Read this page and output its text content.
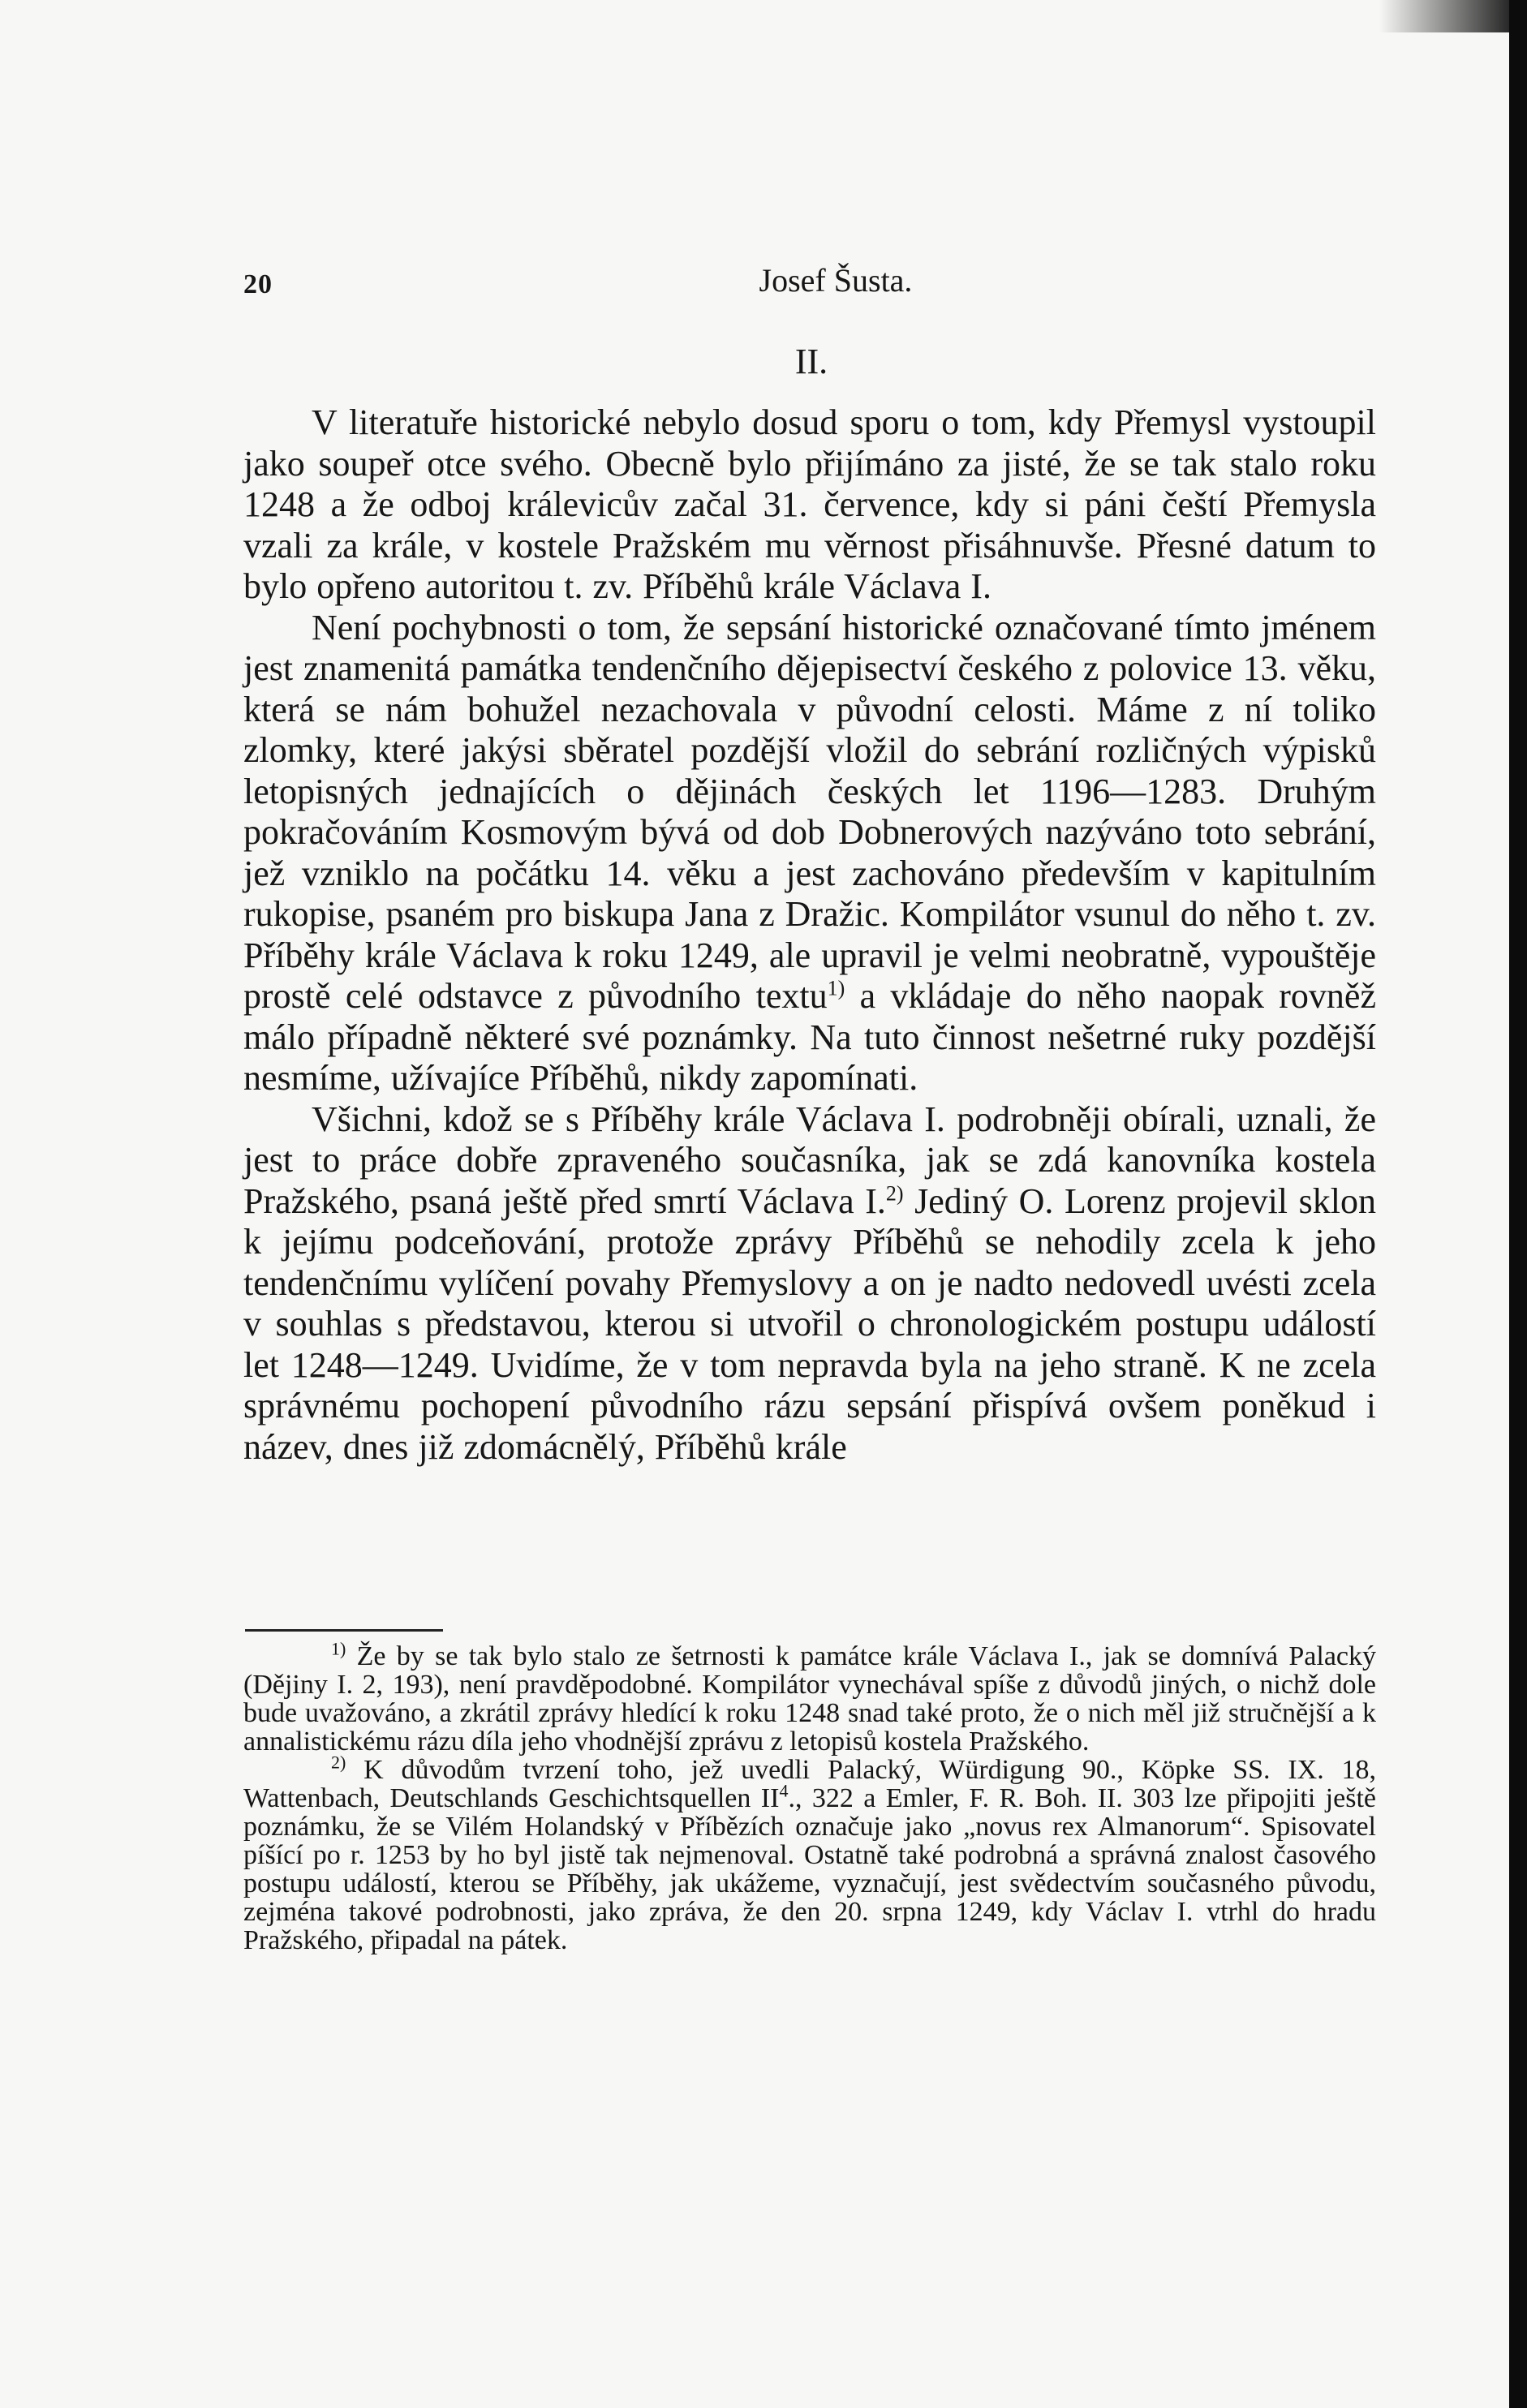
20	Josef Šusta.
II.

V literatuře historické nebylo dosud sporu o tom, kdy Přemysl vystoupil jako soupeř otce svého. Obecně bylo přijímáno za jisté, že se tak stalo roku 1248 a že odboj králevicův začal 31. července, kdy si páni čeští Přemysla vzali za krále, v kostele Pražském mu věrnost přisáhnuvše. Přesné datum to bylo opřeno autoritou t. zv. Příběhů krále Václava I.

Není pochybnosti o tom, že sepsání historické označované tímto jménem jest znamenitá památka tendenčního dějepisectví českého z polovice 13. věku, která se nám bohužel nezachovala v původní celosti. Máme z ní toliko zlomky, které jakýsi sběratel pozdější vložil do sebrání rozličných výpisků letopisných jednajících o dějinách českých let 1196—1283. Druhým pokračováním Kosmovým bývá od dob Dobnerových nazýváno toto sebrání, jež vzniklo na počátku 14. věku a jest zachováno především v kapitulním rukopise, psaném pro biskupa Jana z Dražic. Kompilátor vsunul do něho t. zv. Příběhy krále Václava k roku 1249, ale upravil je velmi neobratně, vypouštěje prostě celé odstavce z původního textu$^{1)}$ a vkládaje do něho naopak rovněž málo případně některé své poznámky. Na tuto činnost nešetrné ruky pozdější nesmíme, užívajíce Příběhů, nikdy zapomínati.

Všichni, kdož se s Příběhy krále Václava I. podrobněji obírali, uznali, že jest to práce dobře zpraveného současníka, jak se zdá kanovníka kostela Pražského, psaná ještě před smrtí Václava I.$^{2)}$ Jediný O. Lorenz projevil sklon k jejímu podceňování, protože zprávy Příběhů se nehodily zcela k jeho tendenčnímu vylíčení povahy Přemyslovy a on je nadto nedovedl uvésti zcela v souhlas s představou, kterou si utvořil o chronologickém postupu událostí let 1248—1249. Uvidíme, že v tom nepravda byla na jeho straně. K ne zcela správnému pochopení původního rázu sepsání přispívá ovšem poněkud i název, dnes již zdomácnělý, Příběhů krále

$^{1)}$ Že by se tak bylo stalo ze šetrnosti k památce krále Václava I., jak se domnívá Palacký (Dějiny I. 2, 193), není pravděpodobné. Kompilátor vynechával spíše z důvodů jiných, o nichž dole bude uvažováno, a zkrátil zprávy hledící k roku 1248 snad také proto, že o nich měl již stručnější a k annalistickému rázu díla jeho vhodnější zprávu z letopisů kostela Pražského.

$^{2)}$ K důvodům tvrzení toho, jež uvedli Palacký, Würdigung 90., Köpke SS. IX. 18, Wattenbach, Deutschlands Geschichtsquellen $II^4$., 322 a Emler, F. R. Boh. II. 303 lze připojiti ještě poznámku, že se Vilém Holandský v Příbězích označuje jako „novus rex Almanorum“. Spisovatel píšící po r. 1253 by ho byl jistě tak nejmenoval. Ostatně také podrobná a správná znalost časového postupu událostí, kterou se Příběhy, jak ukážeme, vyznačují, jest svědectvím současného původu, zejména takové podrobnosti, jako zpráva, že den 20. srpna 1249, kdy Václav I. vtrhl do hradu Pražského, připadal na pátek.
